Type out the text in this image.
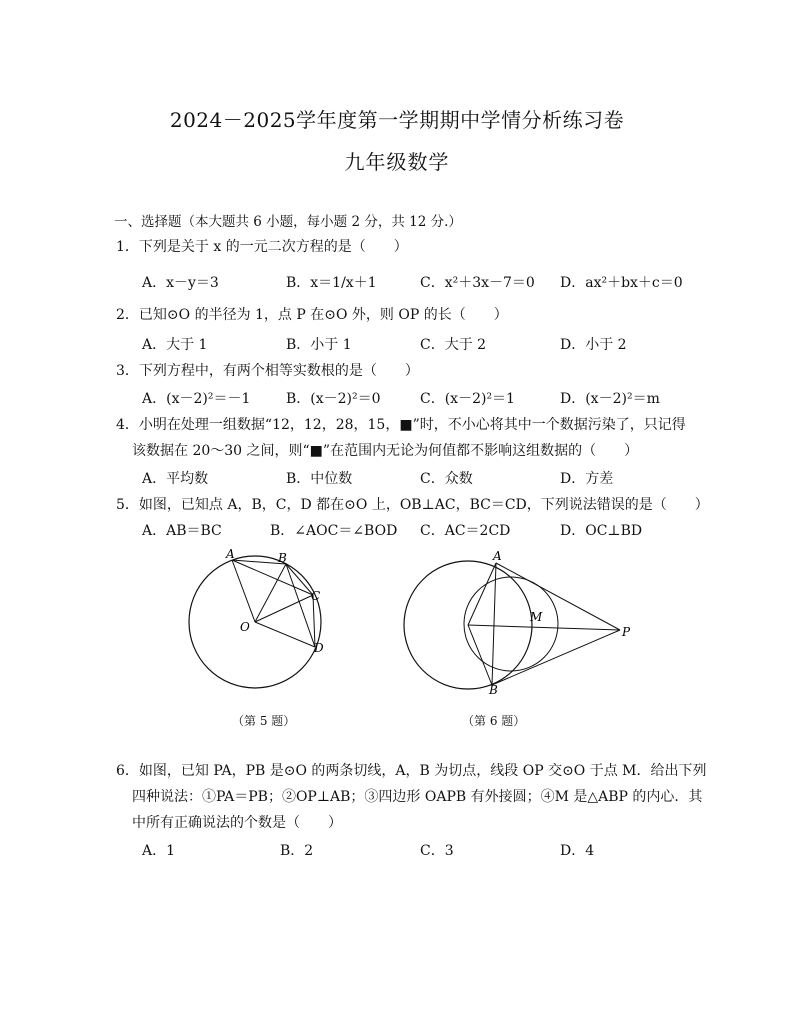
2024－2025学年度第一学期期中学情分析练习卷
九年级数学
一、选择题（本大题共 6 小题，每小题 2 分，共 12 分.）
1．下列是关于 x 的一元二次方程的是（　　）
A．x－y＝3	B．x＝1/x＋1	C．x²＋3x－7＝0 D．ax²＋bx＋c＝0
2．已知⊙O 的半径为 1，点 P 在⊙O 外，则 OP 的长（　　）
A．大于 1	B．小于 1	C．大于 2	D．小于 2
3．下列方程中，有两个相等实数根的是（　　）
A．(x－2)²＝－1	B．(x－2)²＝0	C．(x－2)²＝1	D．(x－2)²＝m
4．小明在处理一组数据“12，12，28，15，■”时，不小心将其中一个数据污染了，只记得
该数据在 20～30 之间，则“■”在范围内无论为何值都不影响这组数据的（　　）
A．平均数	B．中位数	C．众数	D．方差
5．如图，已知点 A，B，C，D 都在⊙O 上，OB⊥AC，BC＝CD，下列说法错误的是（　　）
A．AB＝BC	B．∠AOC＝∠BOD C．AC＝2CD	D．OC⊥BD
A	B
C
D
O
（第 5 题）
A
B
M
P
（第 6 题）
6．如图，已知 PA，PB 是⊙O 的两条切线，A，B 为切点，线段 OP 交⊙O 于点 M．给出下列
四种说法：①PA＝PB；②OP⊥AB；③四边形 OAPB 有外接圆；④M 是△ABP 的内心．其
中所有正确说法的个数是（　　）
A．1	B．2	C．3	D．4
